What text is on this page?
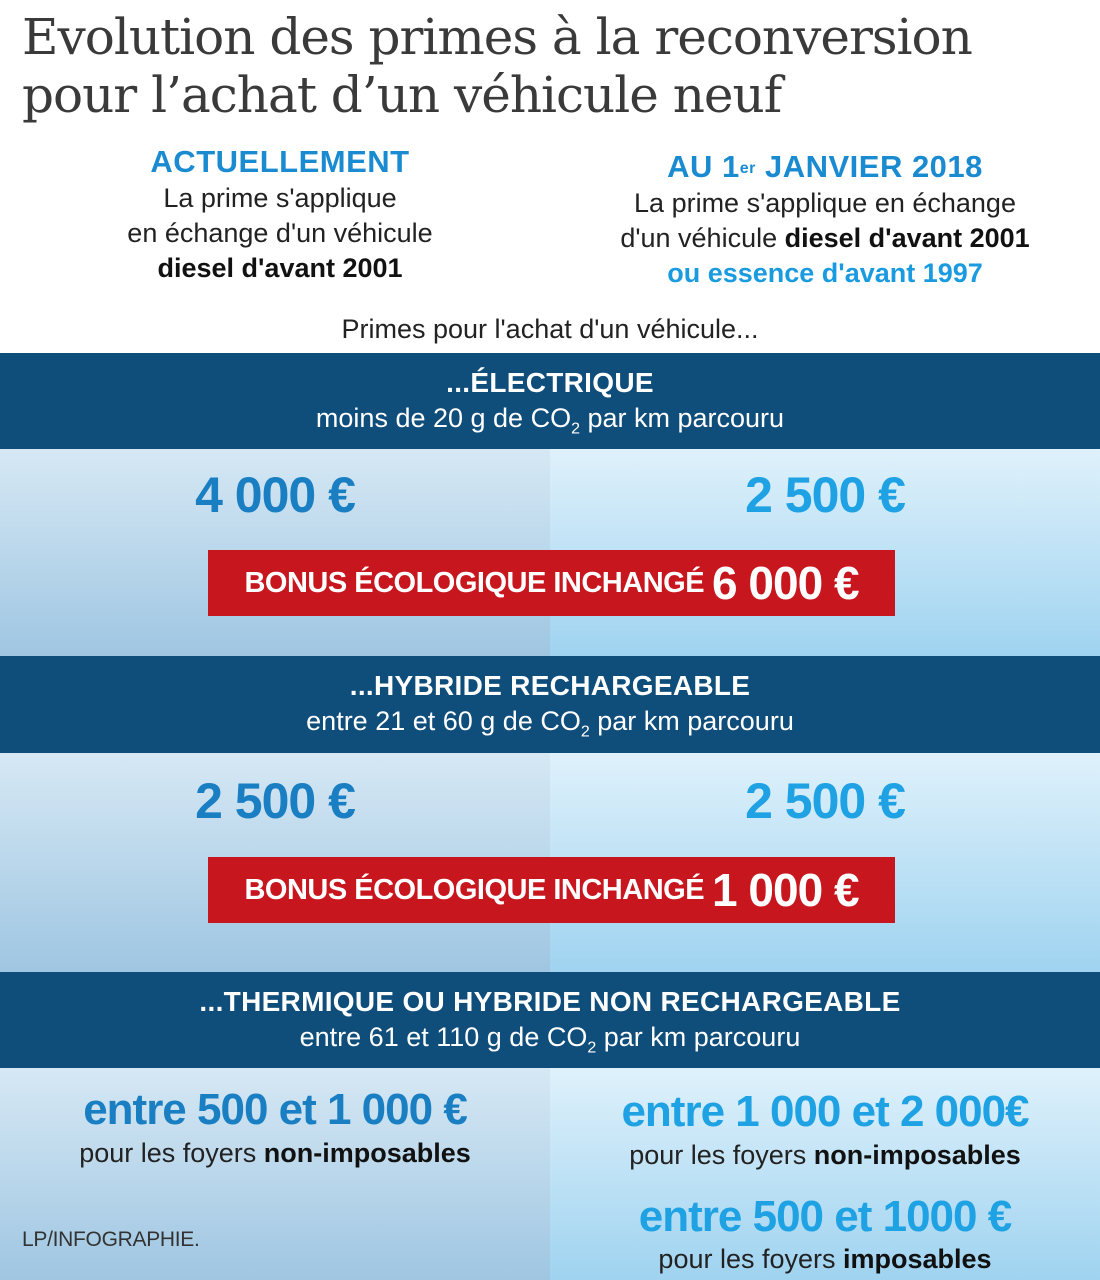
Evolution des primes à la reconversion
pour l’achat d’un véhicule neuf
ACTUELLEMENT
La prime s'applique
en échange d'un véhicule
diesel d'avant 2001
AU 1er JANVIER 2018
La prime s'applique en échange
d'un véhicule diesel d'avant 2001
ou essence d'avant 1997
Primes pour l'achat d'un véhicule...
...ÉLECTRIQUE
moins de 20 g de $CO_2$ par km parcouru
4 000 €	2 500 €
BONUS ÉCOLOGIQUE INCHANGÉ 6 000 €
...HYBRIDE RECHARGEABLE
entre 21 et 60 g de $CO_2$ par km parcouru
2 500 €	2 500 €
BONUS ÉCOLOGIQUE INCHANGÉ 1 000 €
...THERMIQUE OU HYBRIDE NON RECHARGEABLE
entre 61 et 110 g de $CO_2$ par km parcouru
entre 500 et 1 000 €
pour les foyers non-imposables
entre 1 000 et 2 000€
pour les foyers non-imposables
entre 500 et 1000 €
pour les foyers imposables
LP/INFOGRAPHIE.
